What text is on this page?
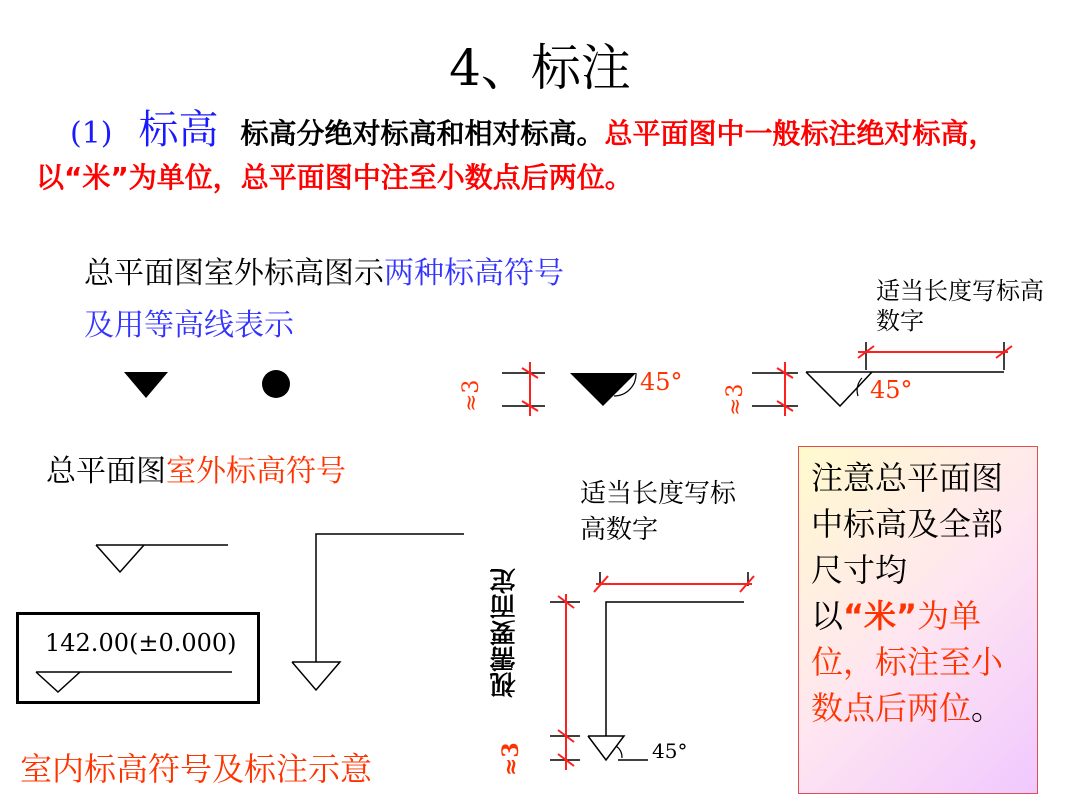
4、标注
(1) 标高 标高分绝对标高和相对标高。总平面图中一般标注绝对标高，以“米”为单位，总平面图中注至小数点后两位。
总平面图室外标高图示两种标高符号及用等高线表示
适当长度写标高数字
适当长度写标高数字
总平面图室外标高符号
142.00(±0.000)
室内标高符号及标注示意
视需要而定
注意总平面图中标高及全部尺寸均以“米”为单位，标注至小数点后两位。
45°
≈3	45°
≈3
45°
≈3
